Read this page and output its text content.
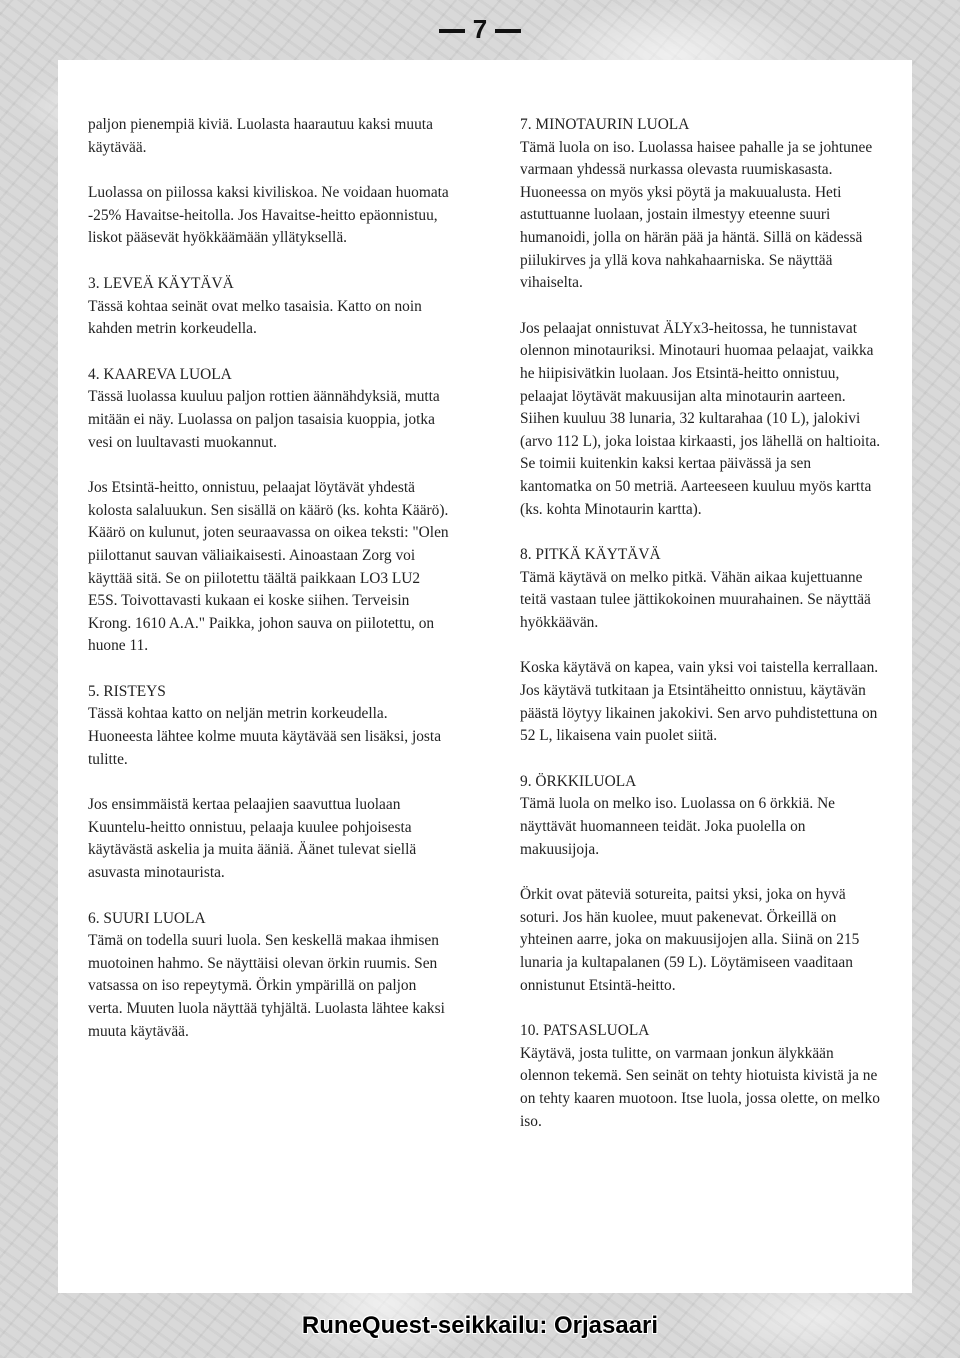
7

paljon pienempiä kiviä. Luolasta haarautuu kaksi muuta käytävää.

Luolassa on piilossa kaksi kiviliskoa. Ne voidaan huomata -25% Havaitse-heitolla. Jos Havaitse-heitto epäonnistuu, liskot pääsevät hyökkäämään yllätyksellä.

3. LEVEÄ KÄYTÄVÄ
Tässä kohtaa seinät ovat melko tasaisia. Katto on noin kahden metrin korkeudella.

4. KAAREVA LUOLA
Tässä luolassa kuuluu paljon rottien äännähdyksiä, mutta mitään ei näy. Luolassa on paljon tasaisia kuoppia, jotka vesi on luultavasti muokannut.

Jos Etsintä-heitto, onnistuu, pelaajat löytävät yhdestä kolosta salaluukun. Sen sisällä on käärö (ks. kohta Käärö). Käärö on kulunut, joten seuraavassa on oikea teksti: "Olen piilottanut sauvan väliaikaisesti. Ainoastaan Zorg voi käyttää sitä. Se on piilotettu täältä paikkaan LO3 LU2 E5S. Toivottavasti kukaan ei koske siihen. Terveisin Krong. 1610 A.A." Paikka, johon sauva on piilotettu, on huone 11.

5. RISTEYS
Tässä kohtaa katto on neljän metrin korkeudella. Huoneesta lähtee kolme muuta käytävää sen lisäksi, josta tulitte.

Jos ensimmäistä kertaa pelaajien saavuttua luolaan Kuuntelu-heitto onnistuu, pelaaja kuulee pohjoisesta käytävästä askelia ja muita ääniä. Äänet tulevat siellä asuvasta minotaurista.

6. SUURI LUOLA
Tämä on todella suuri luola. Sen keskellä makaa ihmisen muotoinen hahmo. Se näyttäisi olevan örkin ruumis. Sen vatsassa on iso repeytymä. Örkin ympärillä on paljon verta. Muuten luola näyttää tyhjältä. Luolasta lähtee kaksi muuta käytävää.

7. MINOTAURIN LUOLA
Tämä luola on iso. Luolassa haisee pahalle ja se johtunee varmaan yhdessä nurkassa olevasta ruumiskasasta. Huoneessa on myös yksi pöytä ja makuualusta. Heti astuttuanne luolaan, jostain ilmestyy eteenne suuri humanoidi, jolla on härän pää ja häntä. Sillä on kädessä piilukirves ja yllä kova nahkahaarniska. Se näyttää vihaiselta.

Jos pelaajat onnistuvat ÄLYx3-heitossa, he tunnistavat olennon minotauriksi. Minotauri huomaa pelaajat, vaikka he hiipisivätkin luolaan. Jos Etsintä-heitto onnistuu, pelaajat löytävät makuusijan alta minotaurin aarteen. Siihen kuuluu 38 lunaria, 32 kultarahaa (10 L), jalokivi (arvo 112 L), joka loistaa kirkaasti, jos lähellä on haltioita. Se toimii kuitenkin kaksi kertaa päivässä ja sen kantomatka on 50 metriä. Aarteeseen kuuluu myös kartta (ks. kohta Minotaurin kartta).

8. PITKÄ KÄYTÄVÄ
Tämä käytävä on melko pitkä. Vähän aikaa kujettuanne teitä vastaan tulee jättikokoinen muurahainen. Se näyttää hyökkäävän.

Koska käytävä on kapea, vain yksi voi taistella kerrallaan. Jos käytävä tutkitaan ja Etsintäheitto onnistuu, käytävän päästä löytyy likainen jakokivi. Sen arvo puhdistettuna on 52 L, likaisena vain puolet siitä.

9. ÖRKKILUOLA
Tämä luola on melko iso. Luolassa on 6 örkkiä. Ne näyttävät huomanneen teidät. Joka puolella on makuusijoja.

Örkit ovat päteviä sotureita, paitsi yksi, joka on hyvä soturi. Jos hän kuolee, muut pakenevat. Örkeillä on yhteinen aarre, joka on makuusijojen alla. Siinä on 215 lunaria ja kultapalanen (59 L). Löytämiseen vaaditaan onnistunut Etsintä-heitto.

10. PATSASLUOLA
Käytävä, josta tulitte, on varmaan jonkun älykkään olennon tekemä. Sen seinät on tehty hiotuista kivistä ja ne on tehty kaaren muotoon. Itse luola, jossa olette, on melko iso.

RuneQuest-seikkailu: Orjasaari
